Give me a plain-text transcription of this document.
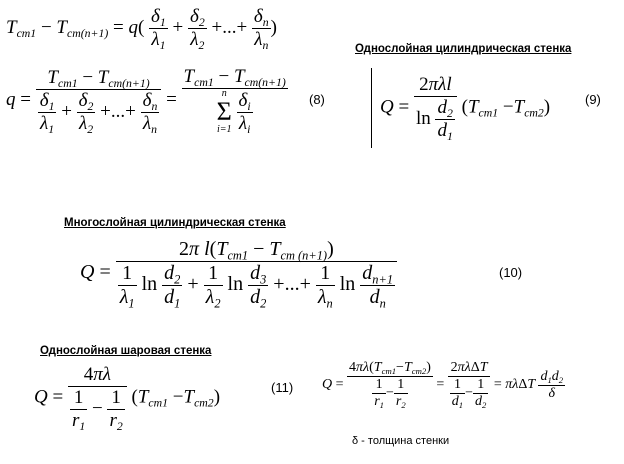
$T_{cm1} - T_{cm(n+1)} = q( \frac{\delta_1}{\lambda_1} + \frac{\delta_2}{\lambda_2}$ +...+ $\frac{\delta_n}{\lambda_n}$ )
$q = \frac{T_{cm1} - T_{cm(n+1)}}{\frac{\delta_1}{\lambda_1} + \frac{\delta_2}{\lambda_2} +...+ \frac{\delta_n}{\lambda_n}} = T_{cm1} - T_{cm(n+1)}$
n
Σ
i=1
$\frac{\delta_i}{\lambda_i} (8)$
Однослойная цилиндрическая стенка
$Q = \frac{\text{2πλl}}{\ln \frac{d_2}{d_1}} (T_{cm1} -T_{cm2})$	(9)
Многослойная цилиндрическая стенка
Q =
2π $l(T_{cm1} - T_{cm (n+1)})$
$\frac{1}{\lambda_1}$ $\ln \frac{d_2}{d_1} + \frac{1}{\lambda_2}$ $\ln \frac{d_3}{d_2}$ +...+ $\frac{1}{\lambda_n}$ $\ln \frac{d_{n+1}}{d_n}$	(10)
Однослойная шаровая стенка
$Q = \frac{4\pi\lambda}{\frac{1}{r_1} - \frac{1}{r_2}} (T_{cm1} -T_{cm2})$	(11) $Q = \frac{4\pi\lambda(T_{cm1}-T_{cm2})}{\frac{1}{r_1} - \frac{1}{r_2}} = \frac{\text{2πλΔT}}{\frac{1}{d_1} - \frac{1}{d_2}} = \pi\lambda\Delta T \frac{d_1d_2}{\delta}$
δ - толщина стенки
